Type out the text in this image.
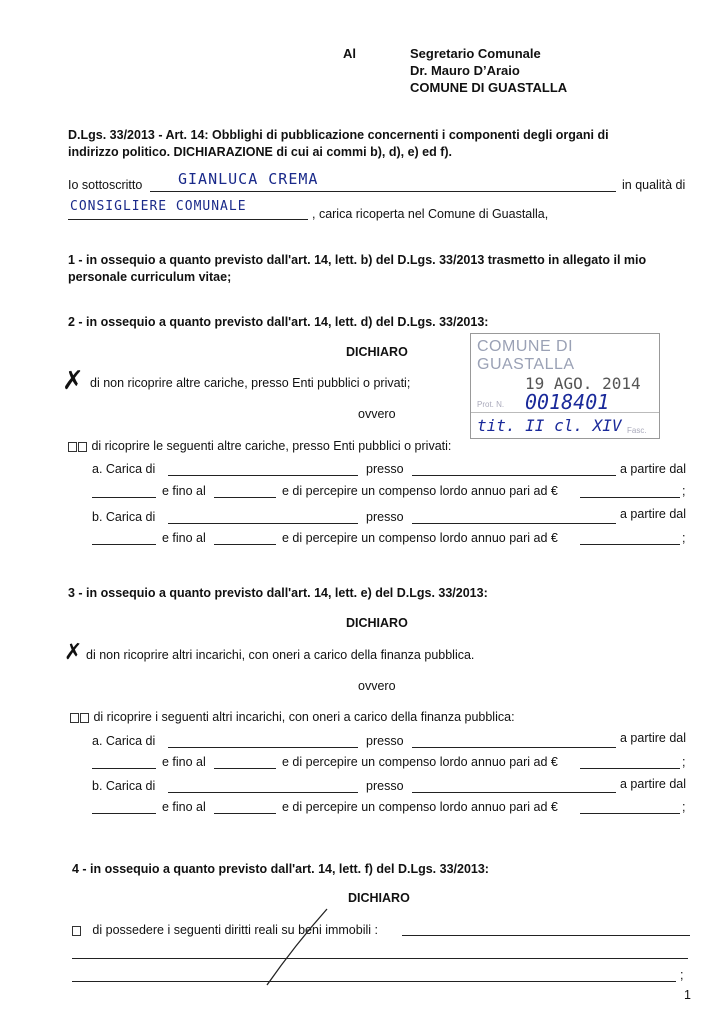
Al	Segretario Comunale
Dr. Mauro D’Araio
COMUNE DI GUASTALLA
D.Lgs. 33/2013 - Art. 14: Obblighi di pubblicazione concernenti i componenti degli organi di
indirizzo politico. DICHIARAZIONE di cui ai commi b), d), e) ed f).
Io sottoscritto GIANLUCA CREMA	in qualità di
CONSIGLIERE COMUNALE	, carica ricoperta nel Comune di Guastalla,
1 - in ossequio a quanto previsto dall'art. 14, lett. b) del D.Lgs. 33/2013 trasmetto in allegato il mio
personale curriculum vitae;
2 - in ossequio a quanto previsto dall'art. 14, lett. d) del D.Lgs. 33/2013:
DICHIARO
✗ di non ricoprire altre cariche, presso Enti pubblici o privati;
ovvero
di ricoprire le seguenti altre cariche, presso Enti pubblici o privati:
a. Carica di	presso	a partire dal
e fino al	e di percepire un compenso lordo annuo pari ad €	;
b. Carica di	presso	a partire dal
e fino al	e di percepire un compenso lordo annuo pari ad €	;
3 - in ossequio a quanto previsto dall'art. 14, lett. e) del D.Lgs. 33/2013:
DICHIARO
✗ di non ricoprire altri incarichi, con oneri a carico della finanza pubblica.
ovvero
di ricoprire i seguenti altri incarichi, con oneri a carico della finanza pubblica:
a. Carica di	presso	a partire dal
e fino al	e di percepire un compenso lordo annuo pari ad €	;
b. Carica di	presso	a partire dal
e fino al	e di percepire un compenso lordo annuo pari ad €	;
4 - in ossequio a quanto previsto dall'art. 14, lett. f) del D.Lgs. 33/2013:
DICHIARO
di possedere i seguenti diritti reali su beni immobili :
;
COMUNE DI GUASTALLA
19 AGO. 2014
Prot. N. 0018401
tit. II cl. XIV Fasc.
1
